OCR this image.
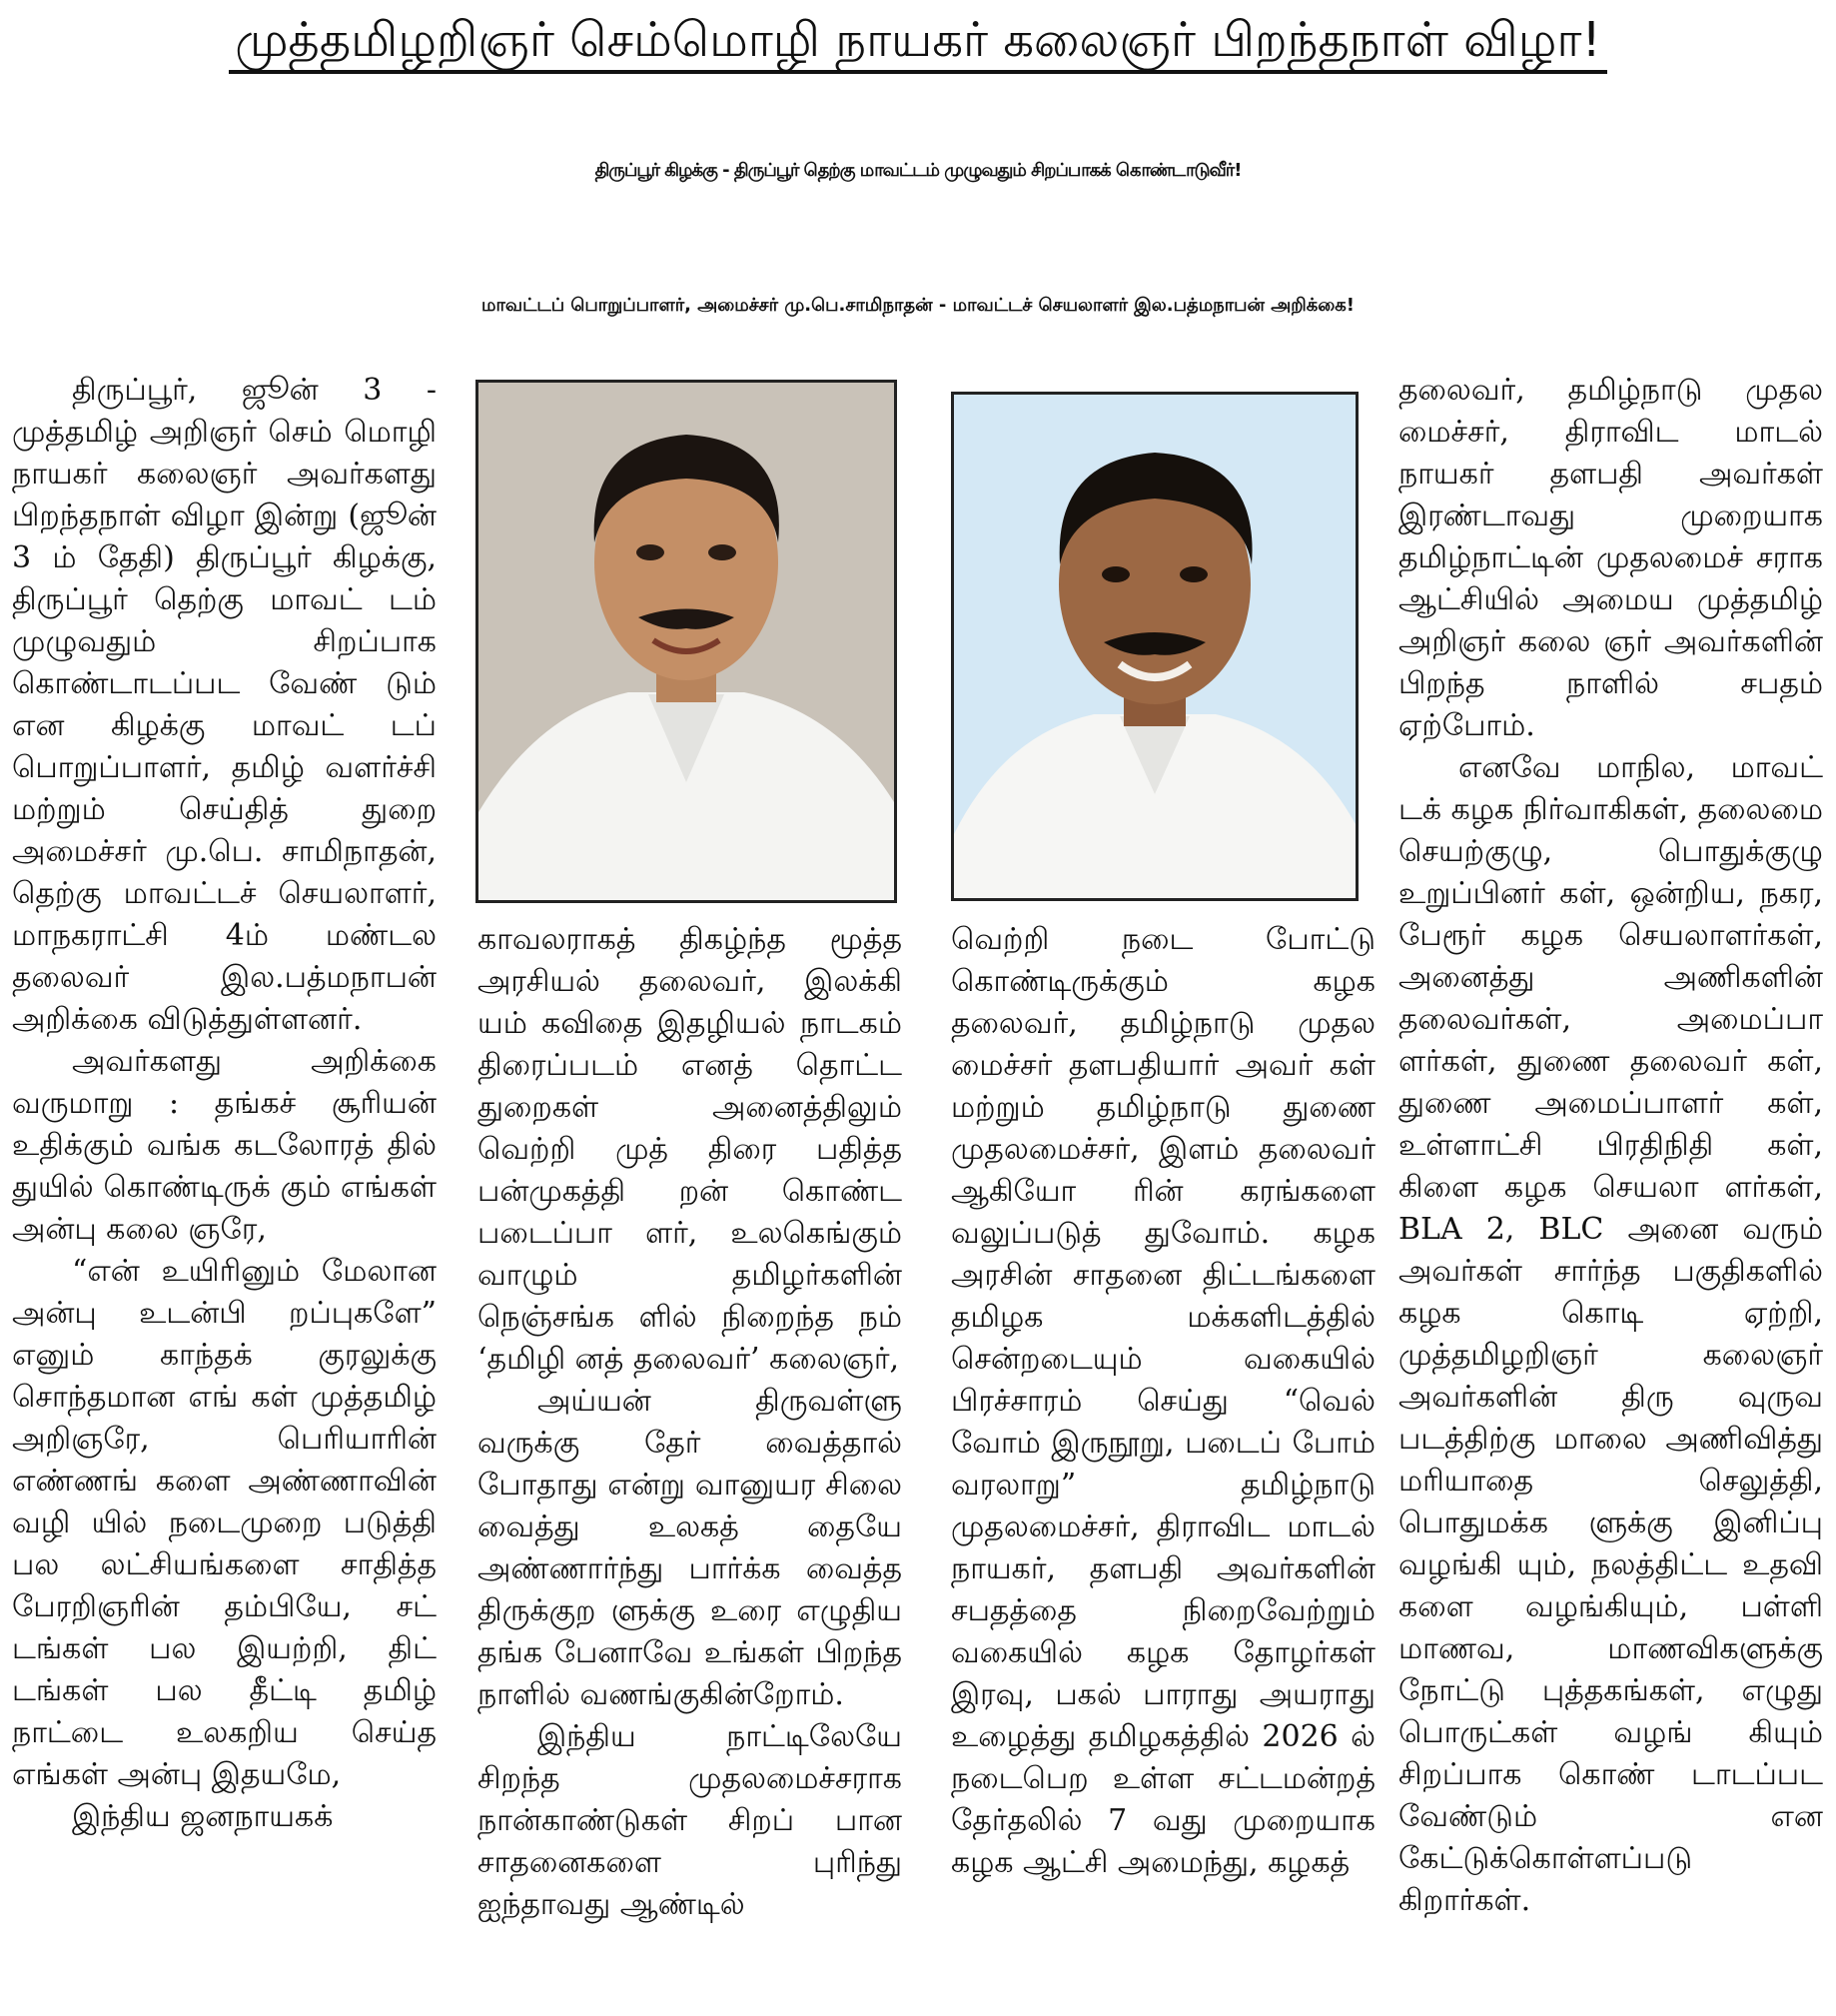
முத்தமிழறிஞர் செம்மொழி நாயகர் கலைஞர் பிறந்தநாள் விழா!
திருப்பூர் கிழக்கு - திருப்பூர் தெற்கு மாவட்டம் முழுவதும் சிறப்பாகக் கொண்டாடுவீர்!
மாவட்டப் பொறுப்பாளர், அமைச்சர் மு.பெ.சாமிநாதன் - மாவட்டச் செயலாளர் இல.பத்மநாபன் அறிக்கை!

திருப்பூர், ஜூன் 3 - முத்தமிழ் அறிஞர் செம் மொழி நாயகர் கலைஞர் அவர்களது பிறந்தநாள் விழா இன்று (ஜூன் 3 ம் தேதி) திருப்பூர் கிழக்கு, திருப்பூர் தெற்கு மாவட் டம் முழுவதும் சிறப்பாக கொண்டாடப்பட வேண் டும் என கிழக்கு மாவட் டப் பொறுப்பாளர், தமிழ் வளர்ச்சி மற்றும் செய்தித் துறை அமைச்சர் மு.பெ. சாமிநாதன், தெற்கு மாவட்டச் செயலாளர், மாநகராட்சி 4ம் மண்டல தலைவர் இல.பத்மநாபன் அறிக்கை விடுத்துள்ளனர்.

அவர்களது அறிக்கை வருமாறு : தங்கச் சூரியன் உதிக்கும் வங்க கடலோரத் தில் துயில் கொண்டிருக் கும் எங்கள் அன்பு கலை ஞரே,

“என் உயிரினும் மேலான அன்பு உடன்பி றப்புகளே” எனும் காந்தக் குரலுக்கு சொந்தமான எங் கள் முத்தமிழ் அறிஞரே, பெரியாரின் எண்ணங் களை அண்ணாவின் வழி யில் நடைமுறை படுத்தி பல லட்சியங்களை சாதித்த பேரறிஞரின் தம்பியே, சட் டங்கள் பல இயற்றி, திட் டங்கள் பல தீட்டி தமிழ் நாட்டை உலகறிய செய்த எங்கள் அன்பு இதயமே,

இந்திய ஜனநாயகக்

காவலராகத் திகழ்ந்த மூத்த அரசியல் தலைவர், இலக்கி யம் கவிதை இதழியல் நாடகம் திரைப்படம் எனத் தொட்ட துறைகள் அனைத்திலும் வெற்றி முத் திரை பதித்த பன்முகத்தி றன் கொண்ட படைப்பா ளர், உலகெங்கும் வாழும் தமிழர்களின் நெஞ்சங்க ளில் நிறைந்த நம் ‘தமிழி னத் தலைவர்’ கலைஞர்,

அய்யன் திருவள்ளு வருக்கு தேர் வைத்தால் போதாது என்று வானுயர சிலை வைத்து உலகத் தையே அண்ணார்ந்து பார்க்க வைத்த திருக்குற ளுக்கு உரை எழுதிய தங்க பேனாவே உங்கள் பிறந்த நாளில் வணங்குகின்றோம்.

இந்திய நாட்டிலேயே சிறந்த முதலமைச்சராக நான்காண்டுகள் சிறப் பான சாதனைகளை புரிந்து ஐந்தாவது ஆண்டில்

வெற்றி நடை போட்டு கொண்டிருக்கும் கழக தலைவர், தமிழ்நாடு முதல மைச்சர் தளபதியார் அவர் கள் மற்றும் தமிழ்நாடு துணை முதலமைச்சர், இளம் தலைவர் ஆகியோ ரின் கரங்களை வலுப்படுத் துவோம். கழக அரசின் சாதனை திட்டங்களை தமிழக மக்களிடத்தில் சென்றடையும் வகையில் பிரச்சாரம் செய்து “வெல் வோம் இருநூறு, படைப் போம் வரலாறு” தமிழ்நாடு முதலமைச்சர், திராவிட மாடல் நாயகர், தளபதி அவர்களின் சபதத்தை நிறைவேற்றும் வகையில் கழக தோழர்கள் இரவு, பகல் பாராது அயராது உழைத்து தமிழகத்தில் 2026 ல் நடைபெற உள்ள சட்டமன்றத் தேர்தலில் 7 வது முறையாக கழக ஆட்சி அமைந்து, கழகத்

தலைவர், தமிழ்நாடு முதல மைச்சர், திராவிட மாடல் நாயகர் தளபதி அவர்கள் இரண்டாவது முறையாக தமிழ்நாட்டின் முதலமைச் சராக ஆட்சியில் அமைய முத்தமிழ் அறிஞர் கலை ஞர் அவர்களின் பிறந்த நாளில் சபதம் ஏற்போம்.

எனவே மாநில, மாவட் டக் கழக நிர்வாகிகள், தலைமை செயற்குழு, பொதுக்குழு உறுப்பினர் கள், ஒன்றிய, நகர, பேரூர் கழக செயலாளர்கள், அனைத்து அணிகளின் தலைவர்கள், அமைப்பா ளர்கள், துணை தலைவர் கள், துணை அமைப்பாளர் கள், உள்ளாட்சி பிரதிநிதி கள், கிளை கழக செயலா ளர்கள், BLA 2, BLC அனை வரும் அவர்கள் சார்ந்த பகுதிகளில் கழக கொடி ஏற்றி, முத்தமிழறிஞர் கலைஞர் அவர்களின் திரு வுருவ படத்திற்கு மாலை அணிவித்து மரியாதை செலுத்தி, பொதுமக்க ளுக்கு இனிப்பு வழங்கி யும், நலத்திட்ட உதவி களை வழங்கியும், பள்ளி மாணவ, மாணவிகளுக்கு நோட்டு புத்தகங்கள், எழுது பொருட்கள் வழங் கியும் சிறப்பாக கொண் டாடப்பட வேண்டும் என கேட்டுக்கொள்ளப்படு கிறார்கள்.
